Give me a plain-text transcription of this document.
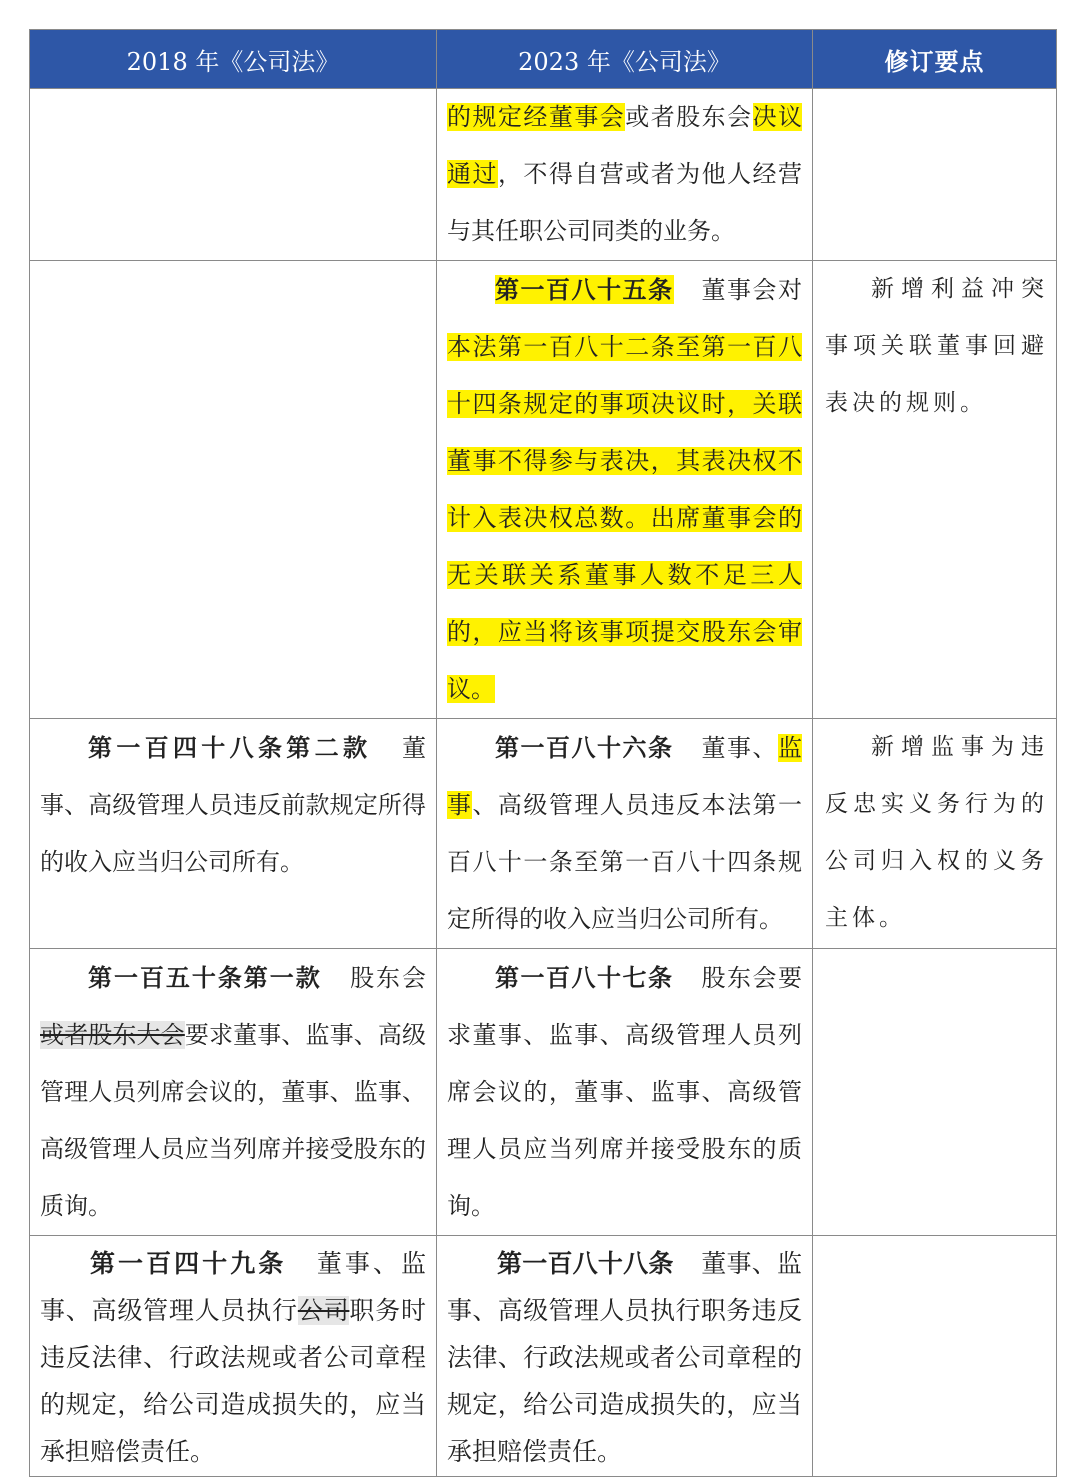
2018 年《公司法》	2023 年《公司法》	修订要点

	的规定经董事会或者股东会决议通过，不得自营或者为他人经营与其任职公司同类的业务。	

	第一百八十五条 董事会对本法第一百八十二条至第一百八十四条规定的事项决议时，关联董事不得参与表决，其表决权不计入表决权总数。出席董事会的无关联关系董事人数不足三人的，应当将该事项提交股东会审议。	新增利益冲突事项关联董事回避表决的规则。

第一百四十八条第二款 董事、高级管理人员违反前款规定所得的收入应当归公司所有。	第一百八十六条 董事、监事、高级管理人员违反本法第一百八十一条至第一百八十四条规定所得的收入应当归公司所有。	新增监事为违反忠实义务行为的公司归入权的义务主体。

第一百五十条第一款 股东会或者股东大会要求董事、监事、高级管理人员列席会议的，董事、监事、高级管理人员应当列席并接受股东的质询。	第一百八十七条 股东会要求董事、监事、高级管理人员列席会议的，董事、监事、高级管理人员应当列席并接受股东的质询。	

第一百四十九条 董事、监事、高级管理人员执行公司职务时违反法律、行政法规或者公司章程的规定，给公司造成损失的，应当承担赔偿责任。	第一百八十八条 董事、监事、高级管理人员执行职务违反法律、行政法规或者公司章程的规定，给公司造成损失的，应当承担赔偿责任。	
